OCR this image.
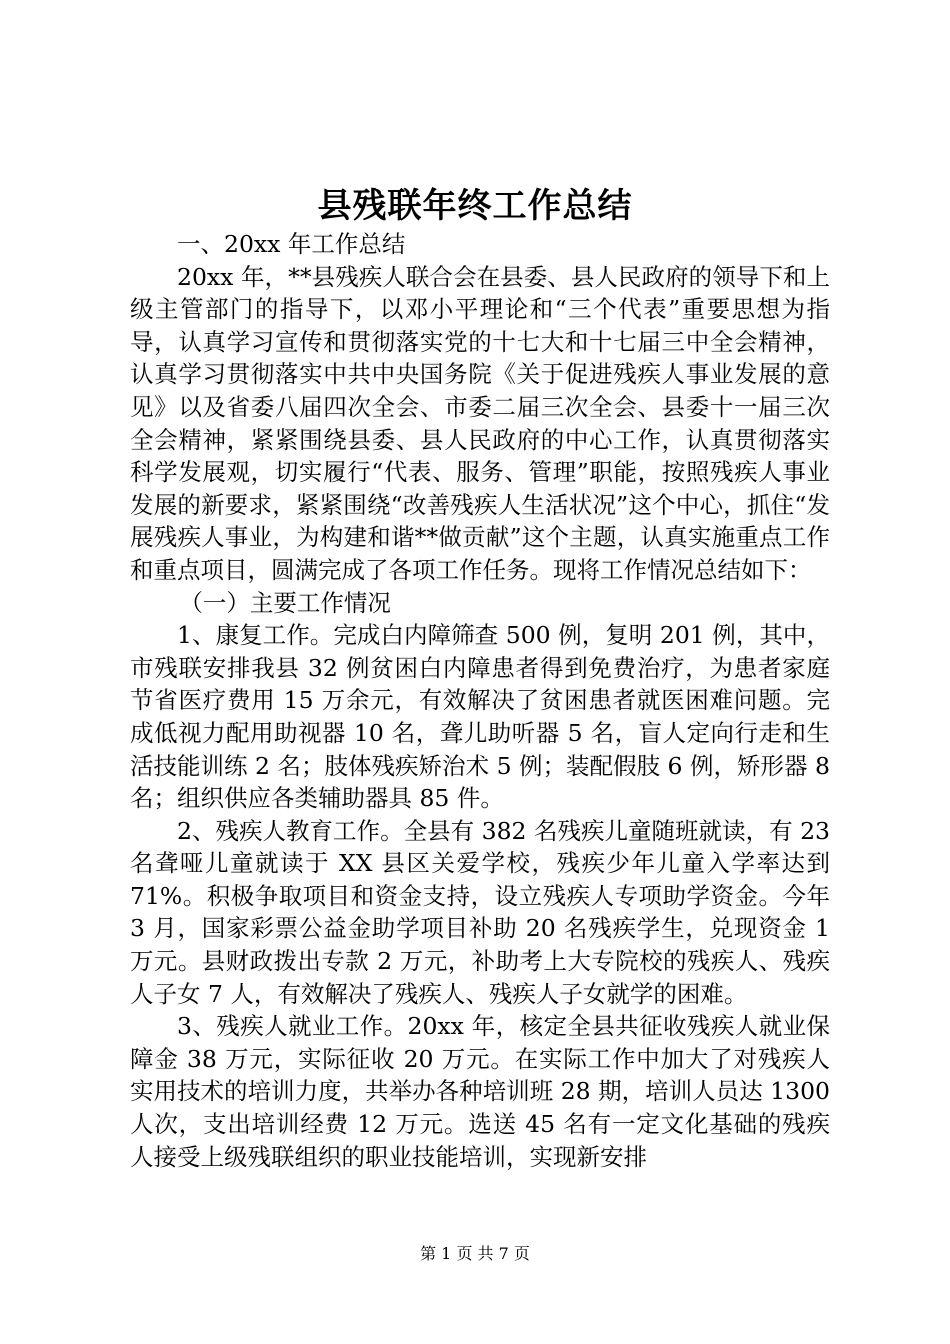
县残联年终工作总结

一、20xx 年工作总结

20xx 年，**县残疾人联合会在县委、县人民政府的领导下和上级主管部门的指导下，以邓小平理论和“三个代表”重要思想为指导，认真学习宣传和贯彻落实党的十七大和十七届三中全会精神，认真学习贯彻落实中共中央国务院《关于促进残疾人事业发展的意见》以及省委八届四次全会、市委二届三次全会、县委十一届三次全会精神，紧紧围绕县委、县人民政府的中心工作，认真贯彻落实科学发展观，切实履行“代表、服务、管理”职能，按照残疾人事业发展的新要求，紧紧围绕“改善残疾人生活状况”这个中心，抓住“发展残疾人事业，为构建和谐**做贡献”这个主题，认真实施重点工作和重点项目，圆满完成了各项工作任务。现将工作情况总结如下：

（一）主要工作情况

1、康复工作。完成白内障筛查 500 例，复明 201 例，其中，市残联安排我县 32 例贫困白内障患者得到免费治疗，为患者家庭节省医疗费用 15 万余元，有效解决了贫困患者就医困难问题。完成低视力配用助视器 10 名，聋儿助听器 5 名，盲人定向行走和生活技能训练 2 名；肢体残疾矫治术 5 例；装配假肢 6 例，矫形器 8 名；组织供应各类辅助器具 85 件。

2、残疾人教育工作。全县有 382 名残疾儿童随班就读，有 23 名聋哑儿童就读于 XX 县区关爱学校，残疾少年儿童入学率达到 71%。积极争取项目和资金支持，设立残疾人专项助学资金。今年 3 月，国家彩票公益金助学项目补助 20 名残疾学生，兑现资金 1 万元。县财政拨出专款 2 万元，补助考上大专院校的残疾人、残疾人子女 7 人，有效解决了残疾人、残疾人子女就学的困难。

3、残疾人就业工作。20xx 年，核定全县共征收残疾人就业保障金 38 万元，实际征收 20 万元。在实际工作中加大了对残疾人实用技术的培训力度，共举办各种培训班 28 期，培训人员达 1300 人次，支出培训经费 12 万元。选送 45 名有一定文化基础的残疾人接受上级残联组织的职业技能培训，实现新安排

第 1 页 共 7 页
